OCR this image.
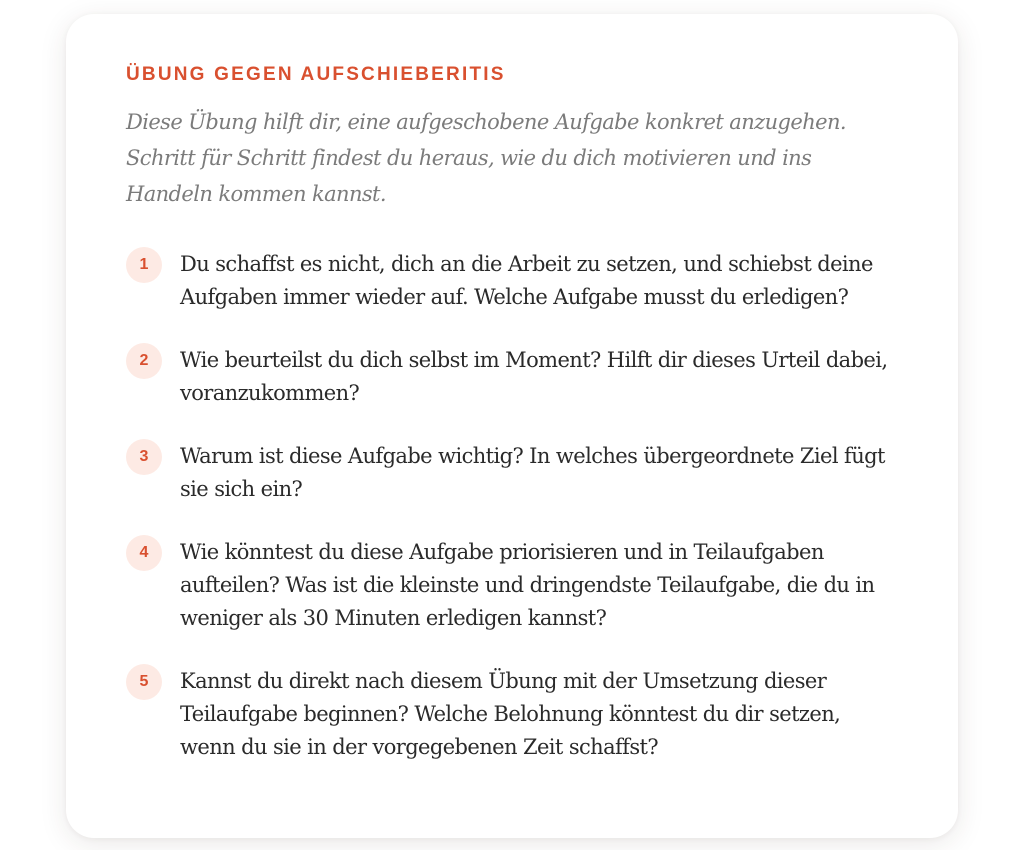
ÜBUNG GEGEN AUFSCHIEBERITIS

Diese Übung hilft dir, eine aufgeschobene Aufgabe konkret anzugehen. Schritt für Schritt findest du heraus, wie du dich motivieren und ins Handeln kommen kannst.

1	Du schaffst es nicht, dich an die Arbeit zu setzen, und schiebst deine Aufgaben immer wieder auf. Welche Aufgabe musst du erledigen?
2	Wie beurteilst du dich selbst im Moment? Hilft dir dieses Urteil dabei, voranzukommen?
3	Warum ist diese Aufgabe wichtig? In welches übergeordnete Ziel fügt sie sich ein?
4	Wie könntest du diese Aufgabe priorisieren und in Teilaufgaben aufteilen? Was ist die kleinste und dringendste Teilaufgabe, die du in weniger als 30 Minuten erledigen kannst?
5	Kannst du direkt nach diesem Übung mit der Umsetzung dieser Teilaufgabe beginnen? Welche Belohnung könntest du dir setzen, wenn du sie in der vorgegebenen Zeit schaffst?
